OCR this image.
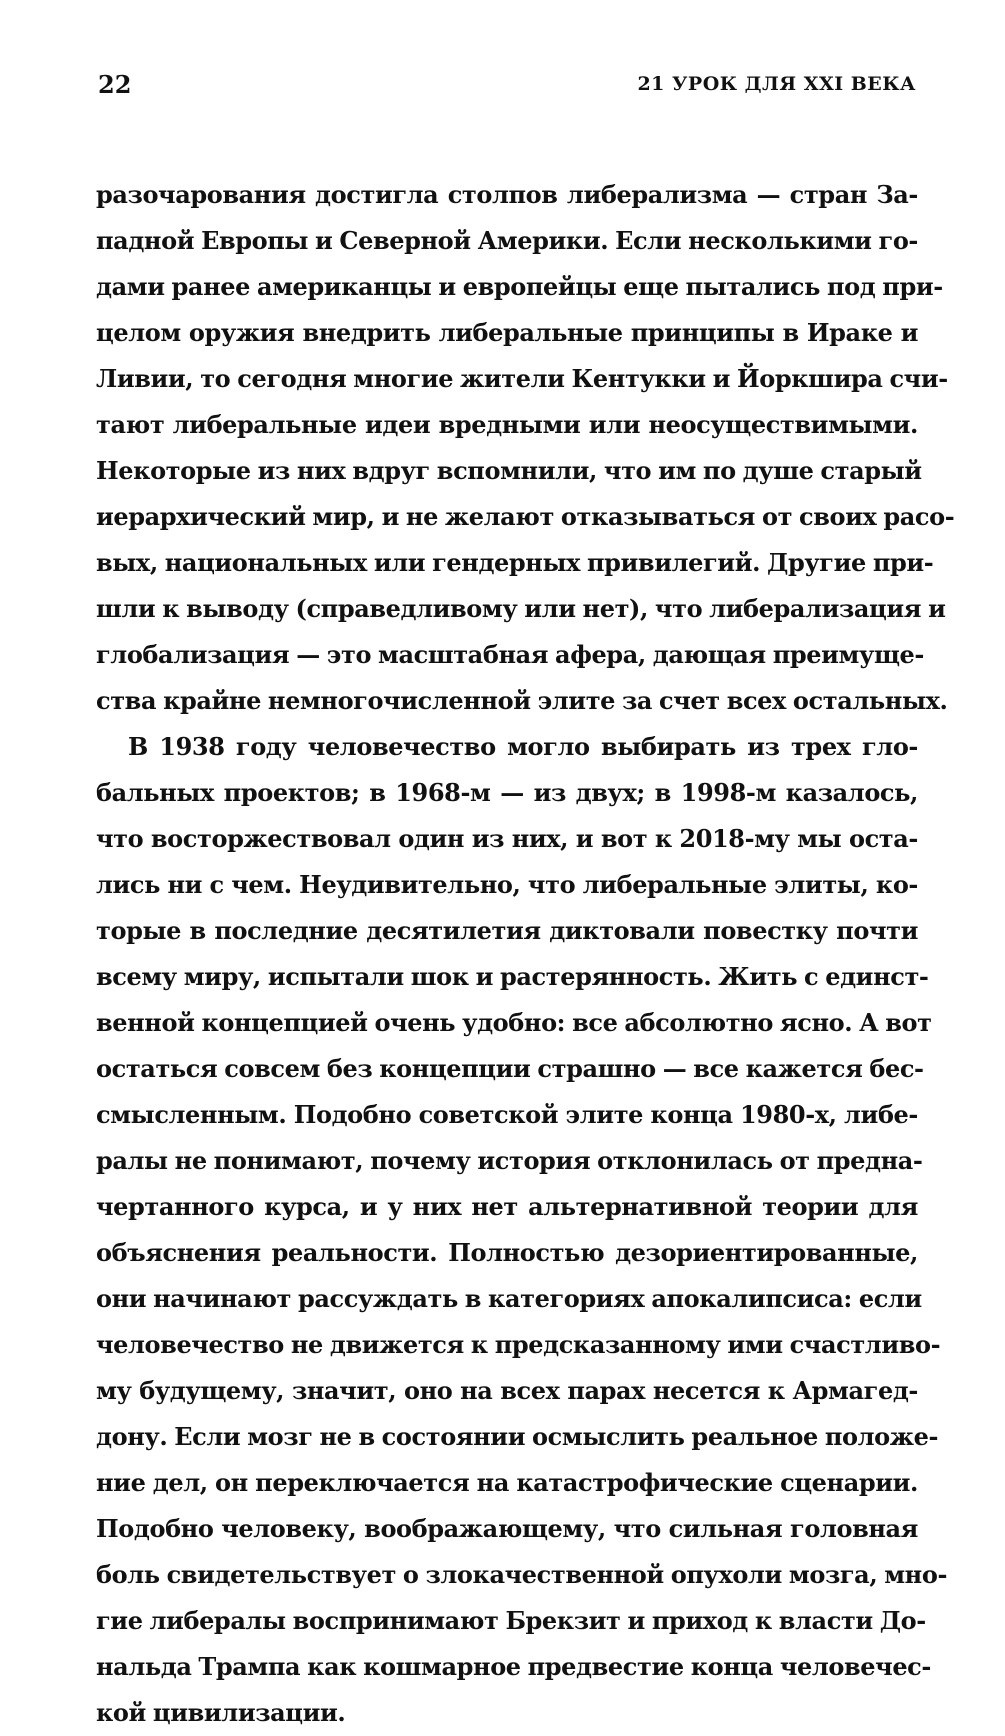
22	21 УРОК ДЛЯ XXI ВЕКА
разочарования достигла столпов либерализма — стран За-
падной Европы и Северной Америки. Если несколькими го-
дами ранее американцы и европейцы еще пытались под при-
целом оружия внедрить либеральные принципы в Ираке и
Ливии, то сегодня многие жители Кентукки и Йоркшира счи-
тают либеральные идеи вредными или неосуществимыми.
Некоторые из них вдруг вспомнили, что им по душе старый
иерархический мир, и не желают отказываться от своих расо-
вых, национальных или гендерных привилегий. Другие при-
шли к выводу (справедливому или нет), что либерализация и
глобализация — это масштабная афера, дающая преимуще-
ства крайне немногочисленной элите за счет всех остальных.
В 1938 году человечество могло выбирать из трех гло-
бальных проектов; в 1968-м — из двух; в 1998-м казалось,
что восторжествовал один из них, и вот к 2018-му мы оста-
лись ни с чем. Неудивительно, что либеральные элиты, ко-
торые в последние десятилетия диктовали повестку почти
всему миру, испытали шок и растерянность. Жить с единст-
венной концепцией очень удобно: все абсолютно ясно. А вот
остаться совсем без концепции страшно — все кажется бес-
смысленным. Подобно советской элите конца 1980-х, либе-
ралы не понимают, почему история отклонилась от предна-
чертанного курса, и у них нет альтернативной теории для
объяснения реальности. Полностью дезориентированные,
они начинают рассуждать в категориях апокалипсиса: если
человечество не движется к предсказанному ими счастливо-
му будущему, значит, оно на всех парах несется к Армагед-
дону. Если мозг не в состоянии осмыслить реальное положе-
ние дел, он переключается на катастрофические сценарии.
Подобно человеку, воображающему, что сильная головная
боль свидетельствует о злокачественной опухоли мозга, мно-
гие либералы воспринимают Брекзит и приход к власти До-
нальда Трампа как кошмарное предвестие конца человечес-
кой цивилизации.
